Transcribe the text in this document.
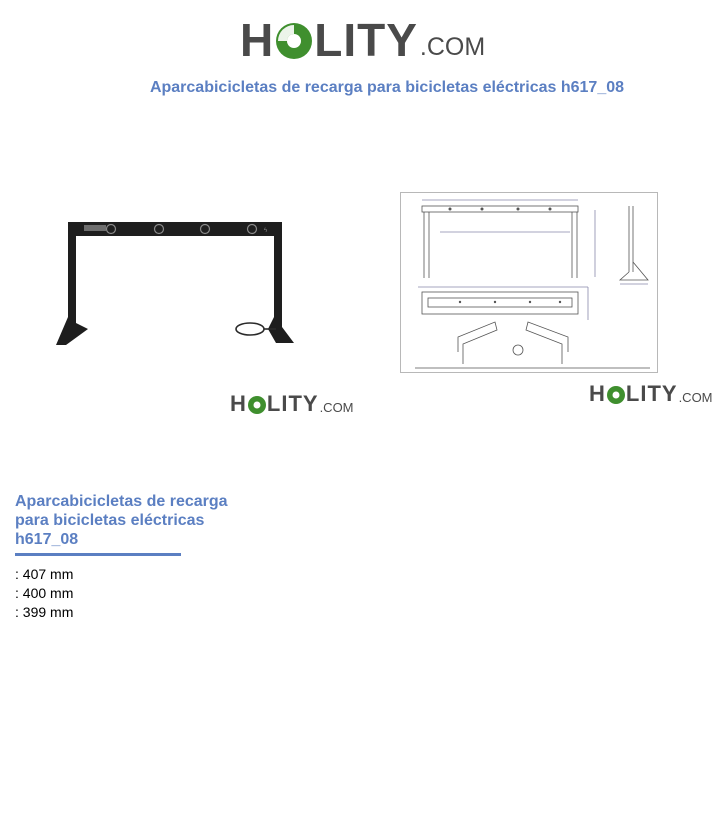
H LITY .COM
Aparcabicicletas de recarga para bicicletas eléctricas h617_08
ϟ
H LITY .COM
H LITY .COM
Aparcabicicletas de recarga para bicicletas eléctricas h617_08
: 407 mm
: 400 mm
: 399 mm
